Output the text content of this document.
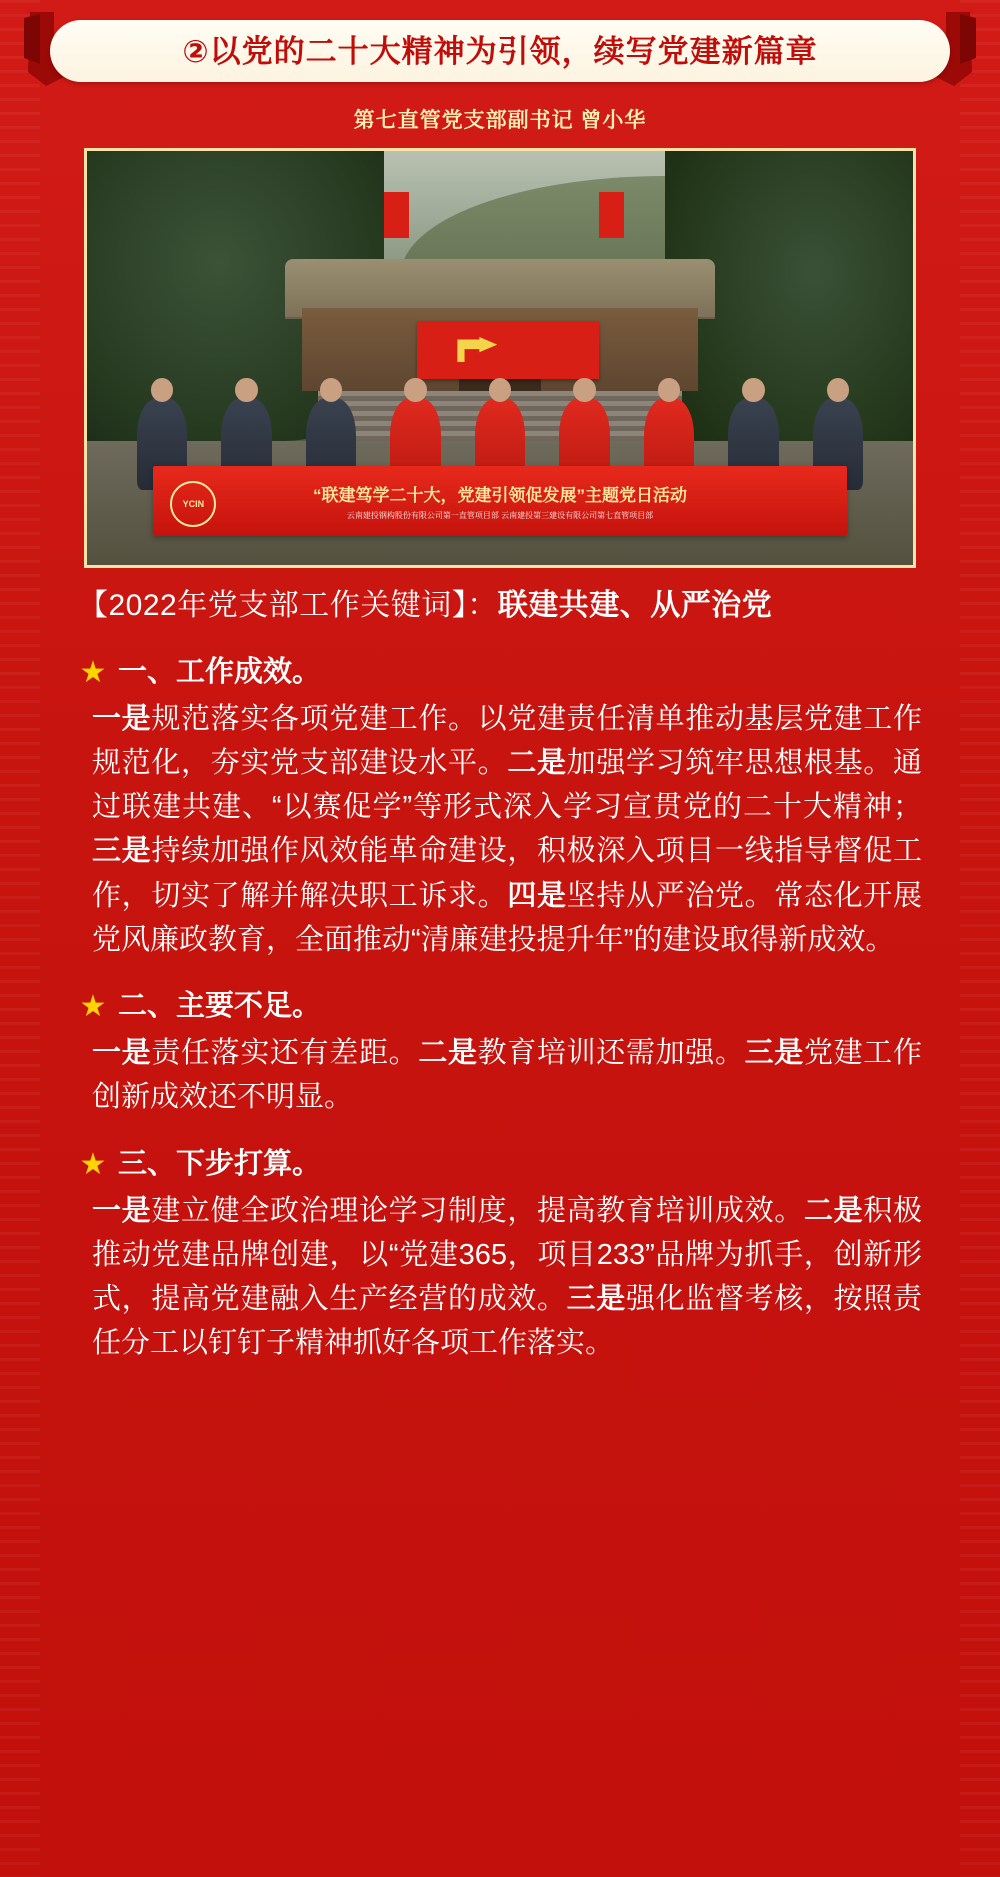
②以党的二十大精神为引领，续写党建新篇章
第七直管党支部副书记 曾小华
YCIN	“联建笃学二十大，党建引领促发展”主题党日活动
云南建投钢构股份有限公司第一直管项目部 云南建投第三建设有限公司第七直管项目部
【2022年党支部工作关键词】：联建共建、从严治党
★ 一、工作成效。
一是规范落实各项党建工作。以党建责任清单推动基层党建工作规范化，夯实党支部建设水平。二是加强学习筑牢思想根基。通过联建共建、“以赛促学”等形式深入学习宣贯党的二十大精神；三是持续加强作风效能革命建设，积极深入项目一线指导督促工作，切实了解并解决职工诉求。四是坚持从严治党。常态化开展党风廉政教育，全面推动“清廉建投提升年”的建设取得新成效。
★ 二、主要不足。
一是责任落实还有差距。二是教育培训还需加强。三是党建工作创新成效还不明显。
★ 三、下步打算。
一是建立健全政治理论学习制度，提高教育培训成效。二是积极推动党建品牌创建，以“党建365，项目233”品牌为抓手，创新形式，提高党建融入生产经营的成效。三是强化监督考核，按照责任分工以钉钉子精神抓好各项工作落实。
